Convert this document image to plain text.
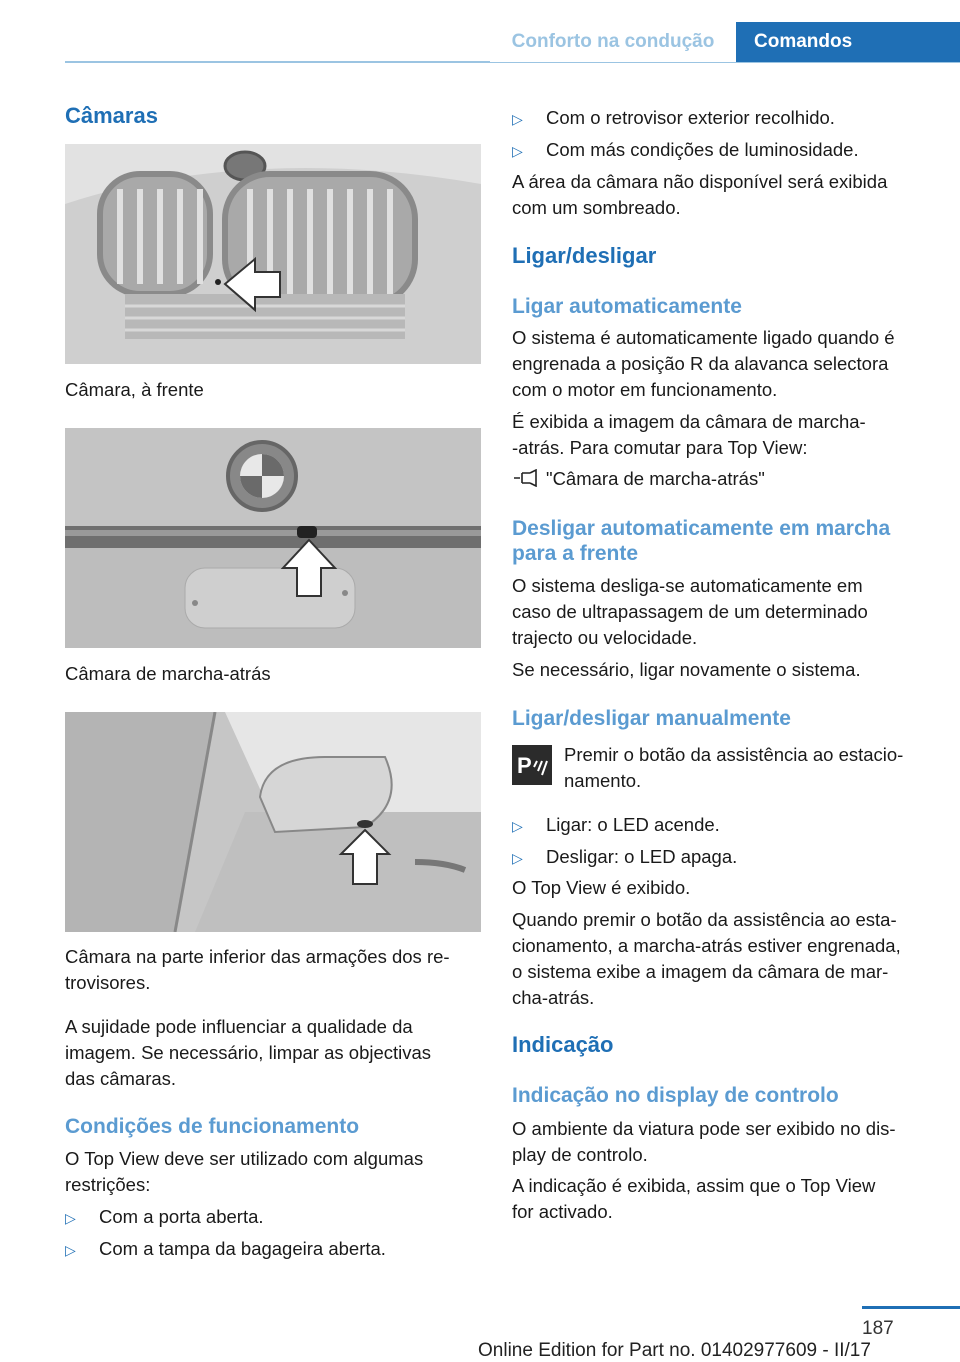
Conforto na condução	Comandos
Câmaras
Câmara, à frente
Câmara de marcha-atrás
Câmara na parte inferior das armações dos re-
trovisores.
A sujidade pode influenciar a qualidade da
imagem. Se necessário, limpar as objectivas
das câmaras.
Condições de funcionamento
O Top View deve ser utilizado com algumas
restrições:
▷ Com a porta aberta.
▷ Com a tampa da bagageira aberta.
▷ Com o retrovisor exterior recolhido.
▷ Com más condições de luminosidade.
A área da câmara não disponível será exibida
com um sombreado.
Ligar/desligar
Ligar automaticamente
O sistema é automaticamente ligado quando é
engrenada a posição R da alavanca selectora
com o motor em funcionamento.
É exibida a imagem da câmara de marcha-
-atrás. Para comutar para Top View:
"Câmara de marcha-atrás"
Desligar automaticamente em marcha
para a frente
O sistema desliga-se automaticamente em
caso de ultrapassagem de um determinado
trajecto ou velocidade.
Se necessário, ligar novamente o sistema.
Ligar/desligar manualmente
P Premir o botão da assistência ao estacio-
namento.
▷ Ligar: o LED acende.
▷ Desligar: o LED apaga.
O Top View é exibido.
Quando premir o botão da assistência ao esta-
cionamento, a marcha-atrás estiver engrenada,
o sistema exibe a imagem da câmara de mar-
cha-atrás.
Indicação
Indicação no display de controlo
O ambiente da viatura pode ser exibido no dis-
play de controlo.
A indicação é exibida, assim que o Top View
for activado.
187
Online Edition for Part no. 01402977609 - II/17
